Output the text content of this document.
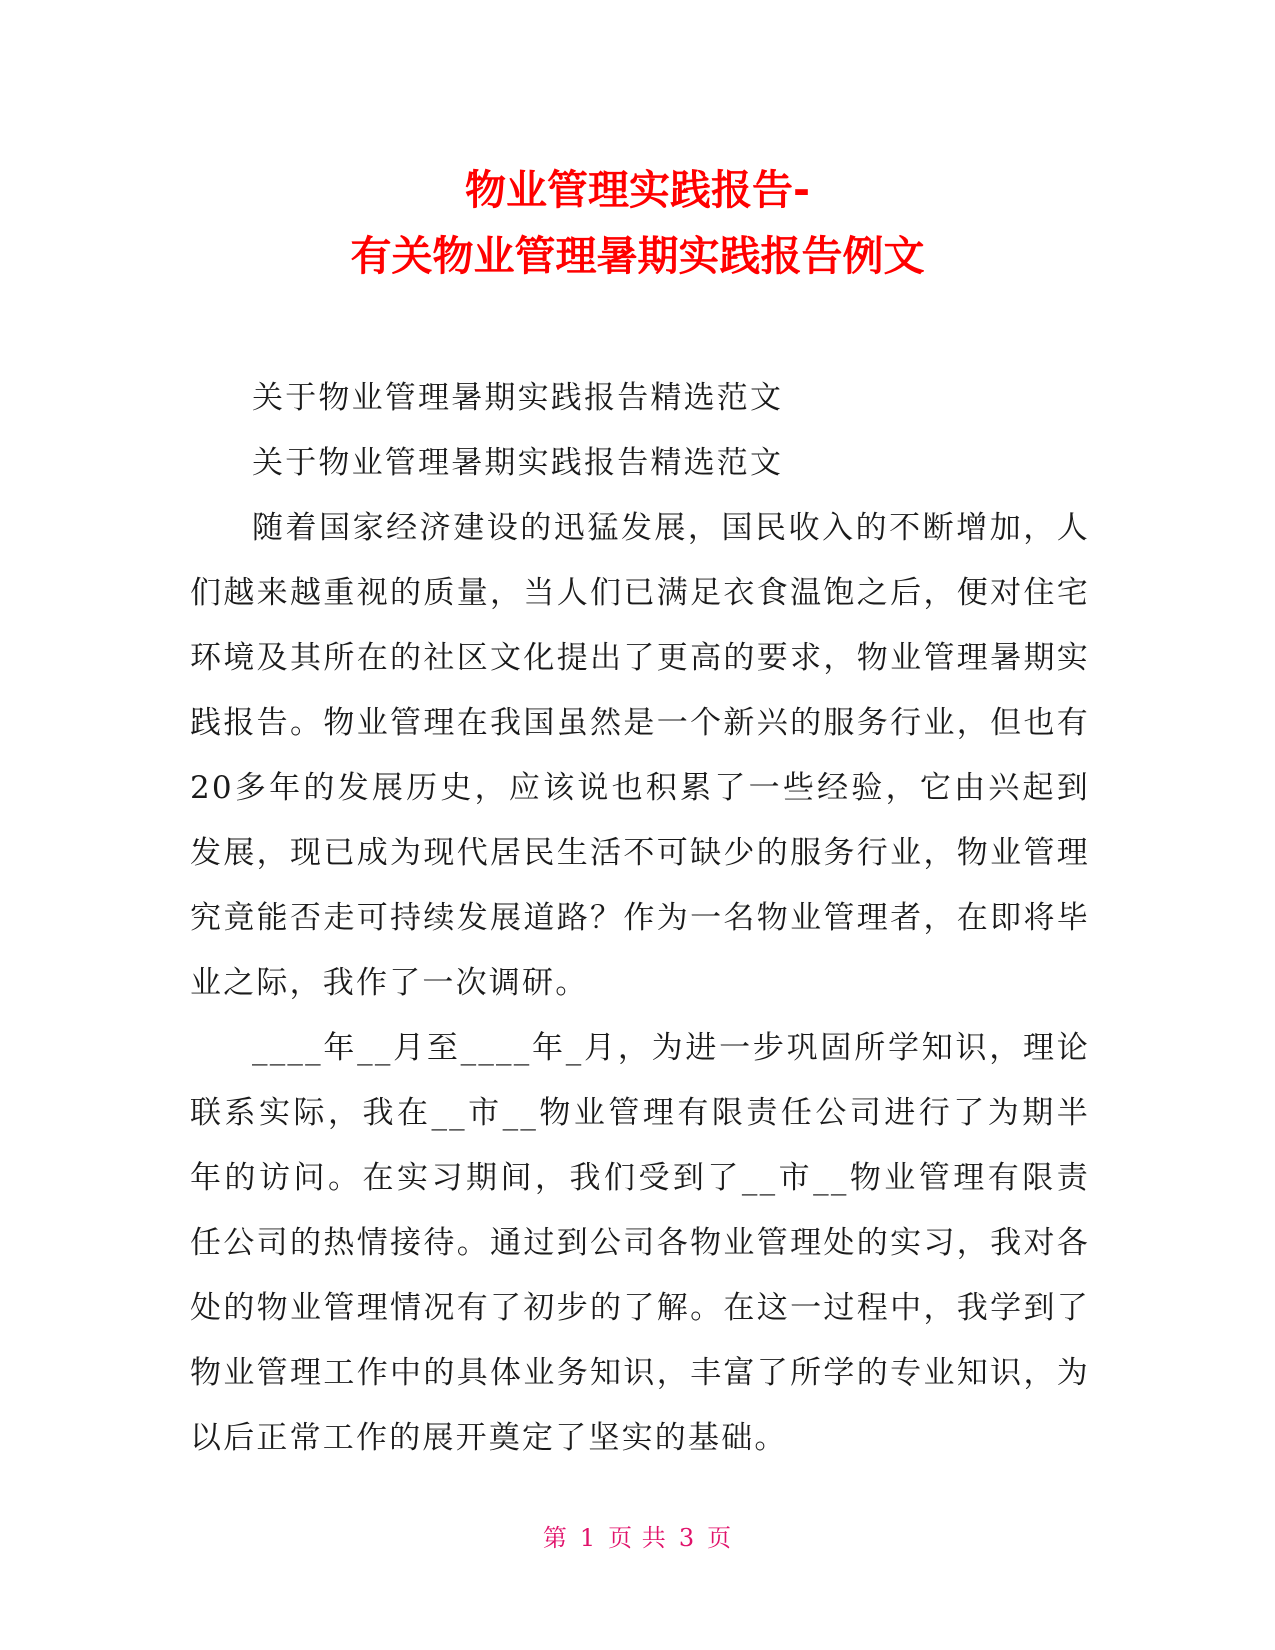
物业管理实践报告-
有关物业管理暑期实践报告例文

关于物业管理暑期实践报告精选范文

关于物业管理暑期实践报告精选范文

随着国家经济建设的迅猛发展，国民收入的不断增加，人们越来越重视的质量，当人们已满足衣食温饱之后，便对住宅环境及其所在的社区文化提出了更高的要求，物业管理暑期实践报告。物业管理在我国虽然是一个新兴的服务行业，但也有20多年的发展历史，应该说也积累了一些经验，它由兴起到发展，现已成为现代居民生活不可缺少的服务行业，物业管理究竟能否走可持续发展道路？作为一名物业管理者，在即将毕业之际，我作了一次调研。

____年__月至____年_月，为进一步巩固所学知识，理论联系实际，我在__市__物业管理有限责任公司进行了为期半年的访问。在实习期间，我们受到了__市__物业管理有限责任公司的热情接待。通过到公司各物业管理处的实习，我对各处的物业管理情况有了初步的了解。在这一过程中，我学到了物业管理工作中的具体业务知识，丰富了所学的专业知识，为以后正常工作的展开奠定了坚实的基础。

第 1 页 共 3 页
